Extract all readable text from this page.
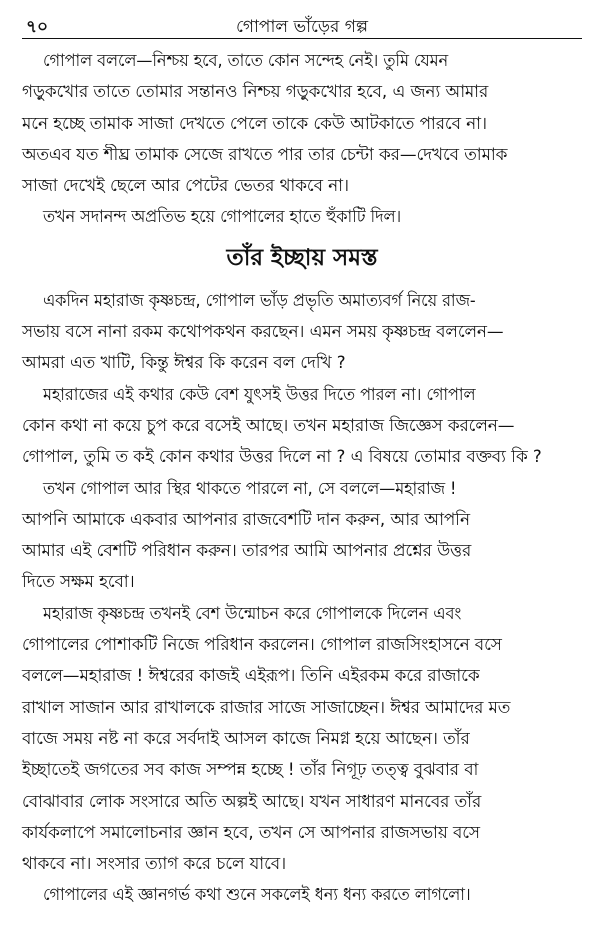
৭০	গোপাল ভাঁড়ের গল্প

গোপাল বললে—নিশ্চয় হবে, তাতে কোন সন্দেহ নেই। তুমি যেমন
গড়ুকখোর তাতে তোমার সন্তানও নিশ্চয় গড়ুকখোর হবে, এ জন্য আমার
মনে হচ্ছে তামাক সাজা দেখতে পেলে তাকে কেউ আটকাতে পারবে না।
অতএব যত শীঘ্র তামাক সেজে রাখতে পার তার চেন্টা কর—দেখবে তামাক
সাজা দেখেই ছেলে আর পেটের ভেতর থাকবে না।

তখন সদানন্দ অপ্রতিভ হয়ে গোপালের হাতে হুঁকাটি দিল।

তাঁর ইচ্ছায় সমস্ত

একদিন মহারাজ কৃষ্ণচন্দ্র, গোপাল ভাঁড় প্রভৃতি অমাত্যবর্গ নিয়ে রাজ-
সভায় বসে নানা রকম কথোপকথন করছেন। এমন সময় কৃষ্ণচন্দ্র বললেন—
আমরা এত খাটি, কিন্তু ঈশ্বর কি করেন বল দেখি ?

মহারাজের এই কথার কেউ বেশ যুৎসই উত্তর দিতে পারল না। গোপাল
কোন কথা না কয়ে চুপ করে বসেই আছে। তখন মহারাজ জিজ্ঞেস করলেন—
গোপাল, তুমি ত কই কোন কথার উত্তর দিলে না ? এ বিষয়ে তোমার বক্তব্য কি ?

তখন গোপাল আর স্থির থাকতে পারলে না, সে বললে—মহারাজ !
আপনি আমাকে একবার আপনার রাজবেশটি দান করুন, আর আপনি
আমার এই বেশটি পরিধান করুন। তারপর আমি আপনার প্রশ্নের উত্তর
দিতে সক্ষম হবো।

মহারাজ কৃষ্ণচন্দ্র তখনই বেশ উন্মোচন করে গোপালকে দিলেন এবং
গোপালের পোশাকটি নিজে পরিধান করলেন। গোপাল রাজসিংহাসনে বসে
বললে—মহারাজ ! ঈশ্বরের কাজই এইরূপ। তিনি এইরকম করে রাজাকে
রাখাল সাজান আর রাখালকে রাজার সাজে সাজাচ্ছেন। ঈশ্বর আমাদের মত
বাজে সময় নষ্ট না করে সর্বদাই আসল কাজে নিমগ্ন হয়ে আছেন। তাঁর
ইচ্ছাতেই জগতের সব কাজ সম্পন্ন হচ্ছে ! তাঁর নিগূঢ় তত্ত্ব বুঝবার বা
বোঝাবার লোক সংসারে অতি অল্পই আছে। যখন সাধারণ মানবের তাঁর
কার্যকলাপে সমালোচনার জ্ঞান হবে, তখন সে আপনার রাজসভায় বসে
থাকবে না। সংসার ত্যাগ করে চলে যাবে।

গোপালের এই জ্ঞানগর্ভ কথা শুনে সকলেই ধন্য ধন্য করতে লাগলো।
